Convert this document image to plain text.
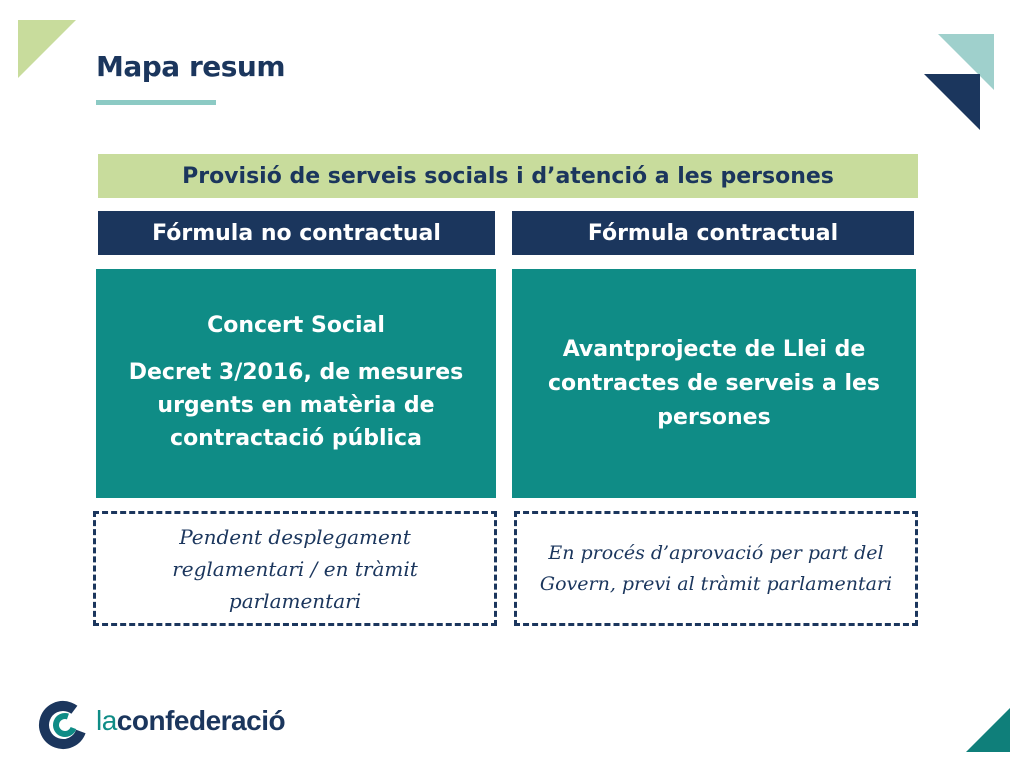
Mapa resum
Provisió de serveis socials i d’atenció a les persones
Fórmula no contractual	Fórmula contractual
Concert Social
Decret 3/2016, de mesures urgents en matèria de contractació pública
Avantprojecte de Llei de contractes de serveis a les persones
Pendent desplegament reglamentari / en tràmit parlamentari
En procés d’aprovació per part del Govern, previ al tràmit parlamentari
laconfederació
